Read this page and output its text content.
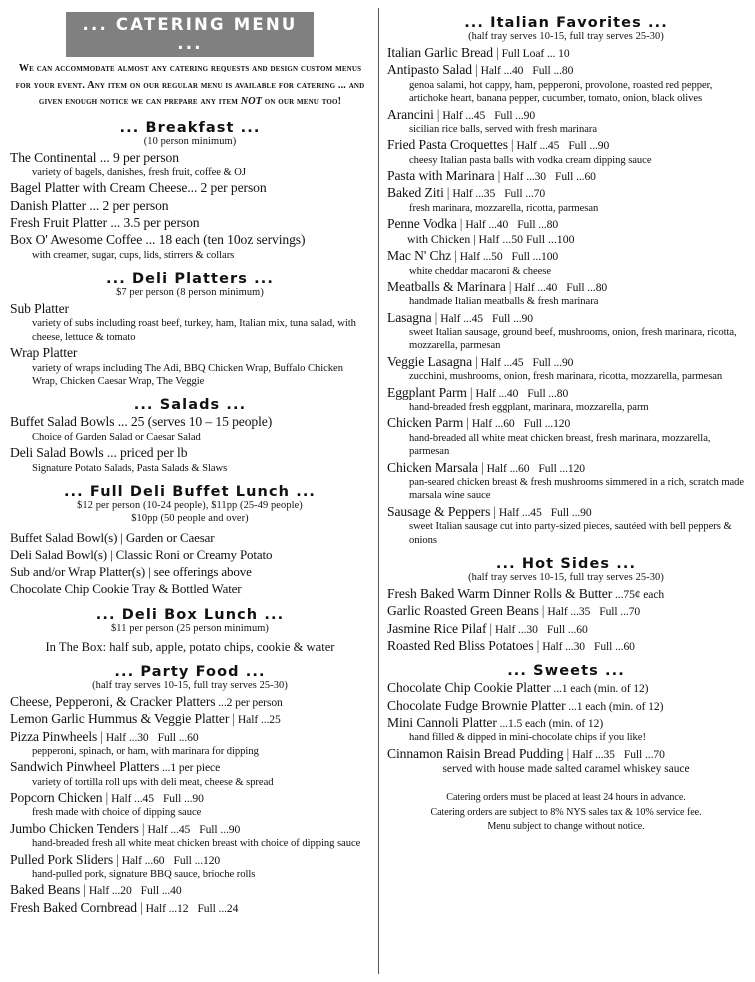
... CATERING MENU ...
We can accommodate almost any catering requests and design custom menus for your event. Any item on our regular menu is available for catering ... and given enough notice we can prepare any item NOT on our menu too!
... Breakfast ...
(10 person minimum)
The Continental ... 9 per person
variety of bagels, danishes, fresh fruit, coffee & OJ
Bagel Platter with Cream Cheese... 2 per person
Danish Platter ... 2 per person
Fresh Fruit Platter ... 3.5 per person
Box O' Awesome Coffee ... 18 each (ten 10oz servings)
with creamer, sugar, cups, lids, stirrers & collars
... Deli Platters ...
$7 per person (8 person minimum)
Sub Platter
variety of subs including roast beef, turkey, ham, Italian mix, tuna salad, with cheese, lettuce & tomato
Wrap Platter
variety of wraps including The Adi, BBQ Chicken Wrap, Buffalo Chicken Wrap, Chicken Caesar Wrap, The Veggie
... Salads ...
Buffet Salad Bowls ... 25 (serves 10 – 15 people)
Choice of Garden Salad or Caesar Salad
Deli Salad Bowls ... priced per lb
Signature Potato Salads, Pasta Salads & Slaws
... Full Deli Buffet Lunch ...
$12 per person (10-24 people), $11pp (25-49 people)
$10pp (50 people and over)
Buffet Salad Bowl(s) | Garden or Caesar
Deli Salad Bowl(s) | Classic Roni or Creamy Potato
Sub and/or Wrap Platter(s) | see offerings above
Chocolate Chip Cookie Tray & Bottled Water
... Deli Box Lunch ...
$11 per person (25 person minimum)
In The Box: half sub, apple, potato chips, cookie & water
... Party Food ...
(half tray serves 10-15, full tray serves 25-30)
Cheese, Pepperoni, & Cracker Platters ...2 per person
Lemon Garlic Hummus & Veggie Platter | Half ...25
Pizza Pinwheels | Half ...30 Full ...60
pepperoni, spinach, or ham, with marinara for dipping
Sandwich Pinwheel Platters ...1 per piece
variety of tortilla roll ups with deli meat, cheese & spread
Popcorn Chicken | Half ...45 Full ...90
fresh made with choice of dipping sauce
Jumbo Chicken Tenders | Half ...45 Full ...90
hand-breaded fresh all white meat chicken breast with choice of dipping sauce
Pulled Pork Sliders | Half ...60 Full ...120
hand-pulled pork, signature BBQ sauce, brioche rolls
Baked Beans | Half ...20 Full ...40
Fresh Baked Cornbread | Half ...12 Full ...24
... Italian Favorites ...
(half tray serves 10-15, full tray serves 25-30)
Italian Garlic Bread | Full Loaf ... 10
Antipasto Salad | Half ...40 Full ...80
genoa salami, hot cappy, ham, pepperoni, provolone, roasted red pepper, artichoke heart, banana pepper, cucumber, tomato, onion, black olives
Arancini | Half ...45 Full ...90
sicilian rice balls, served with fresh marinara
Fried Pasta Croquettes | Half ...45 Full ...90
cheesy Italian pasta balls with vodka cream dipping sauce
Pasta with Marinara | Half ...30 Full ...60
Baked Ziti | Half ...35 Full ...70
fresh marinara, mozzarella, ricotta, parmesan
Penne Vodka | Half ...40 Full ...80
with Chicken | Half ...50 Full ...100
Mac N' Chz | Half ...50 Full ...100
white cheddar macaroni & cheese
Meatballs & Marinara | Half ...40 Full ...80
handmade Italian meatballs & fresh marinara
Lasagna | Half ...45 Full ...90
sweet Italian sausage, ground beef, mushrooms, onion, fresh marinara, ricotta, mozzarella, parmesan
Veggie Lasagna | Half ...45 Full ...90
zucchini, mushrooms, onion, fresh marinara, ricotta, mozzarella, parmesan
Eggplant Parm | Half ...40 Full ...80
hand-breaded fresh eggplant, marinara, mozzarella, parm
Chicken Parm | Half ...60 Full ...120
hand-breaded all white meat chicken breast, fresh marinara, mozzarella, parmesan
Chicken Marsala | Half ...60 Full ...120
pan-seared chicken breast & fresh mushrooms simmered in a rich, scratch made marsala wine sauce
Sausage & Peppers | Half ...45 Full ...90
sweet Italian sausage cut into party-sized pieces, sautéed with bell peppers & onions
... Hot Sides ...
(half tray serves 10-15, full tray serves 25-30)
Fresh Baked Warm Dinner Rolls & Butter ...75¢ each
Garlic Roasted Green Beans | Half ...35 Full ...70
Jasmine Rice Pilaf | Half ...30 Full ...60
Roasted Red Bliss Potatoes | Half ...30 Full ...60
... Sweets ...
Chocolate Chip Cookie Platter ...1 each (min. of 12)
Chocolate Fudge Brownie Platter ...1 each (min. of 12)
Mini Cannoli Platter ...1.5 each (min. of 12)
hand filled & dipped in mini-chocolate chips if you like!
Cinnamon Raisin Bread Pudding | Half ...35 Full ...70
served with house made salted caramel whiskey sauce
Catering orders must be placed at least 24 hours in advance.
Catering orders are subject to 8% NYS sales tax & 10% service fee.
Menu subject to change without notice.
